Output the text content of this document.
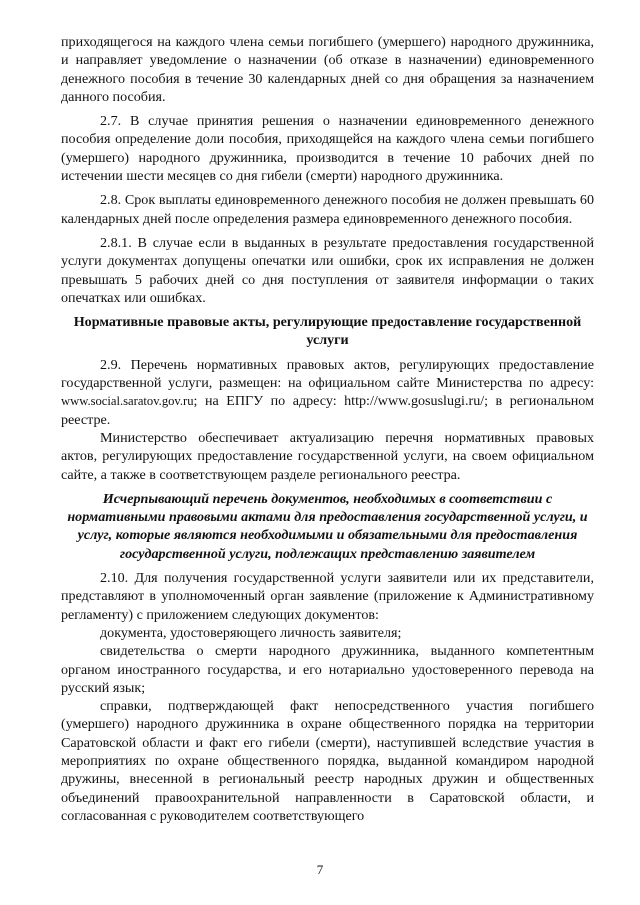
приходящегося на каждого члена семьи погибшего (умершего) народного дружинника, и направляет уведомление о назначении (об отказе в назначении) единовременного денежного пособия в течение 30 календарных дней со дня обращения за назначением данного пособия.

2.7. В случае принятия решения о назначении единовременного денежного пособия определение доли пособия, приходящейся на каждого члена семьи погибшего (умершего) народного дружинника, производится в течение 10 рабочих дней по истечении шести месяцев со дня гибели (смерти) народного дружинника.

2.8. Срок выплаты единовременного денежного пособия не должен превышать 60 календарных дней после определения размера единовременного денежного пособия.

2.8.1. В случае если в выданных в результате предоставления государственной услуги документах допущены опечатки или ошибки, срок их исправления не должен превышать 5 рабочих дней со дня поступления от заявителя информации о таких опечатках или ошибках.

Нормативные правовые акты, регулирующие предоставление государственной услуги

2.9. Перечень нормативных правовых актов, регулирующих предоставление государственной услуги, размещен: на официальном сайте Министерства по адресу: www.social.saratov.gov.ru; на ЕПГУ по адресу: http://www.gosuslugi.ru/; в региональном реестре.

Министерство обеспечивает актуализацию перечня нормативных правовых актов, регулирующих предоставление государственной услуги, на своем официальном сайте, а также в соответствующем разделе регионального реестра.

Исчерпывающий перечень документов, необходимых в соответствии с нормативными правовыми актами для предоставления государственной услуги, и услуг, которые являются необходимыми и обязательными для предоставления государственной услуги, подлежащих представлению заявителем

2.10. Для получения государственной услуги заявители или их представители, представляют в уполномоченный орган заявление (приложение к Административному регламенту) с приложением следующих документов:

документа, удостоверяющего личность заявителя;

свидетельства о смерти народного дружинника, выданного компетентным органом иностранного государства, и его нотариально удостоверенного перевода на русский язык;

справки, подтверждающей факт непосредственного участия погибшего (умершего) народного дружинника в охране общественного порядка на территории Саратовской области и факт его гибели (смерти), наступившей вследствие участия в мероприятиях по охране общественного порядка, выданной командиром народной дружины, внесенной в региональный реестр народных дружин и общественных объединений правоохранительной направленности в Саратовской области, и согласованная с руководителем соответствующего

7
